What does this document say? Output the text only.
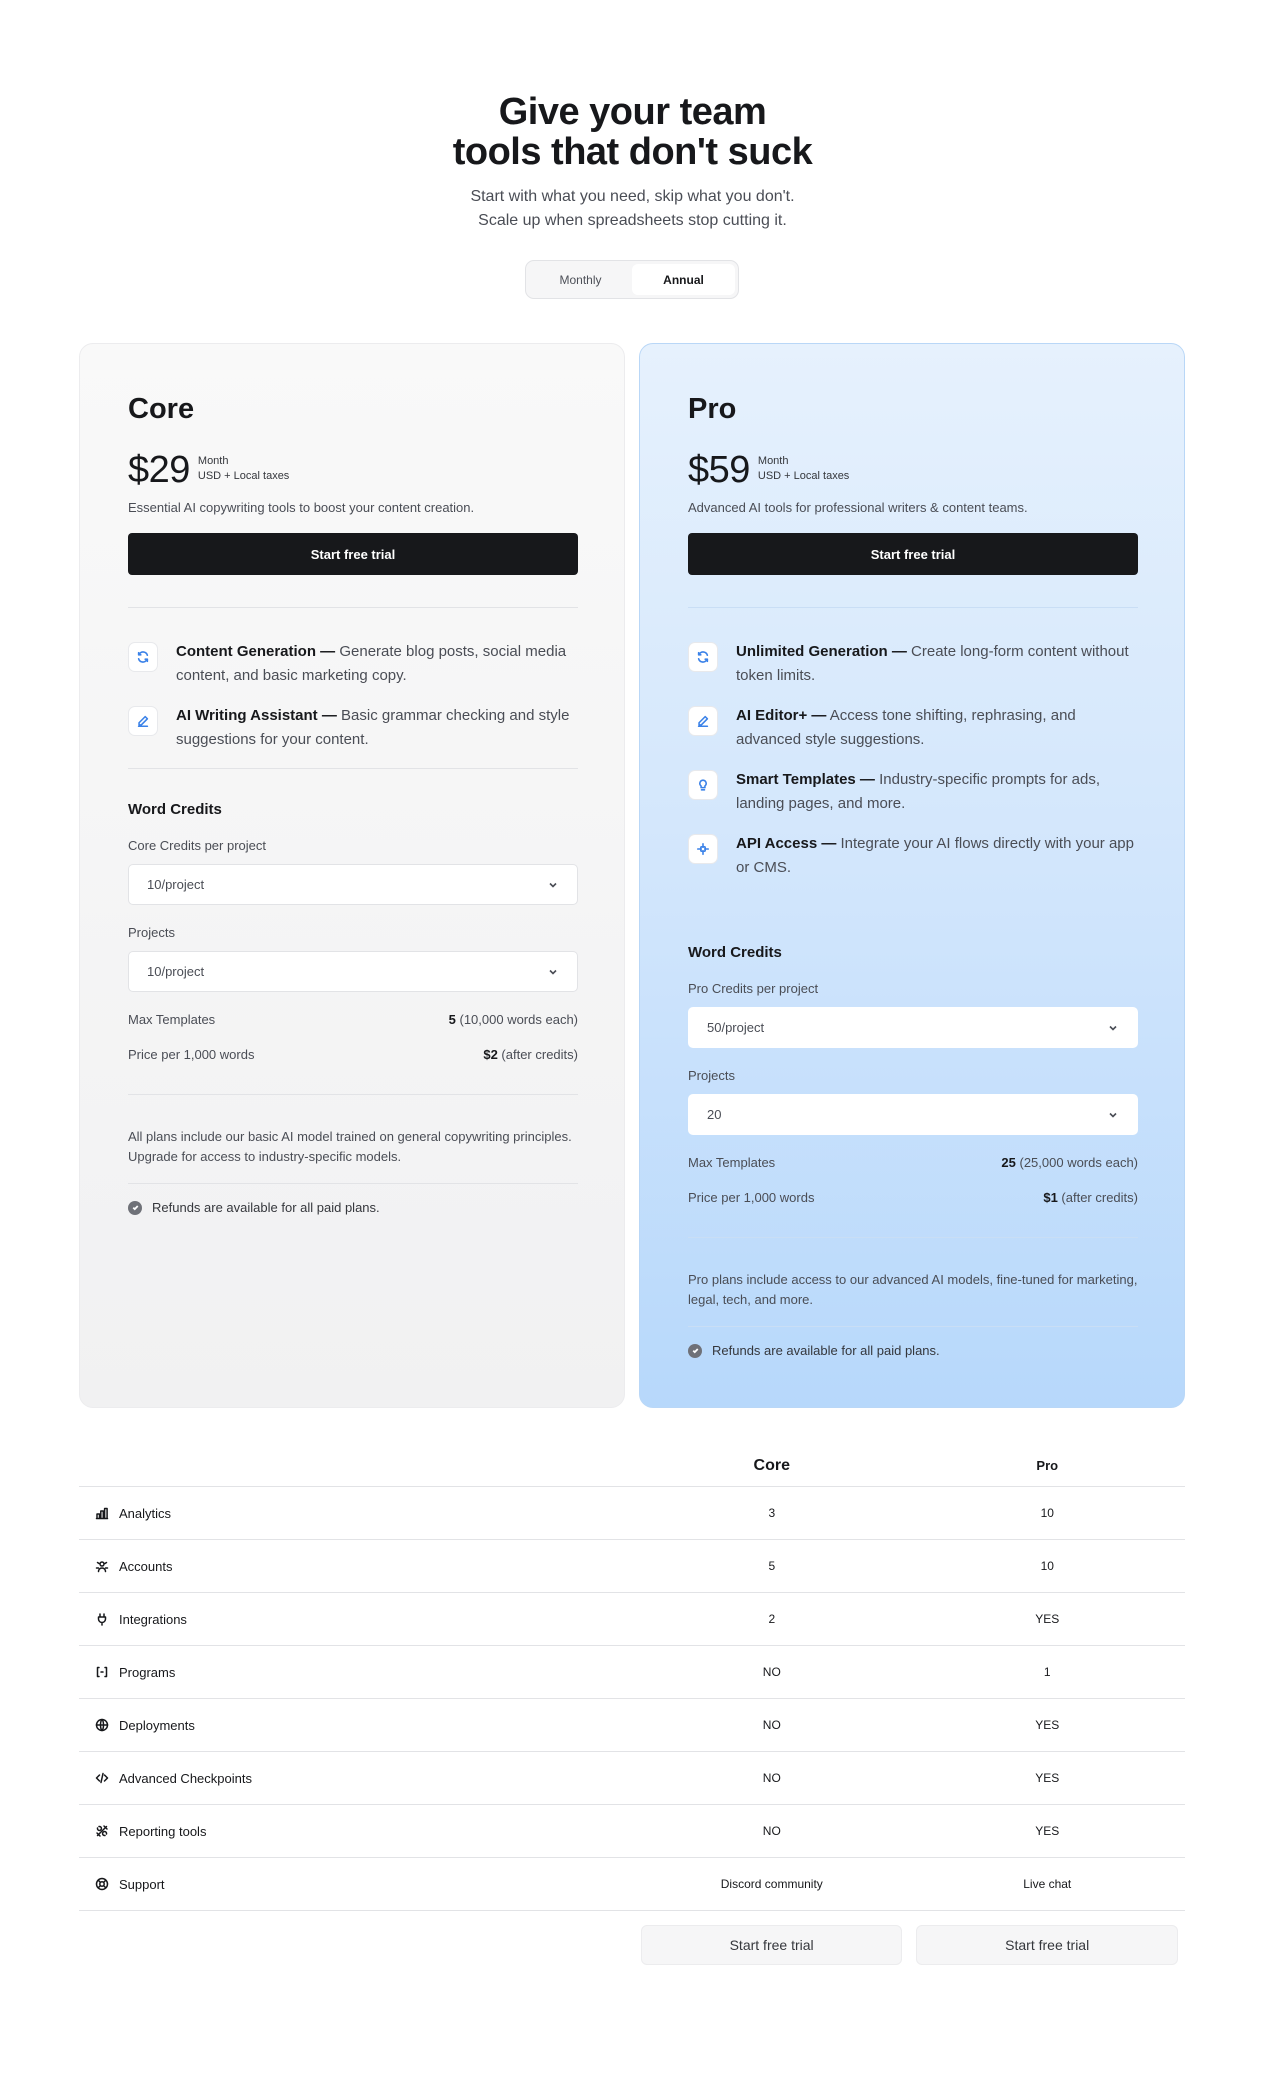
Give your team
tools that don't suck
Start with what you need, skip what you don't.
Scale up when spreadsheets stop cutting it.
Monthly	Annual
Core
$29 Month
USD + Local taxes
Essential AI copywriting tools to boost your content creation.
Start free trial
Content Generation — Generate blog posts, social media content, and basic marketing copy.
AI Writing Assistant — Basic grammar checking and style suggestions for your content.
Word Credits
Core Credits per project
10/project
Projects
10/project
Max Templates	5 (10,000 words each)
Price per 1,000 words	$2 (after credits)
All plans include our basic AI model trained on general copywriting principles. Upgrade for access to industry-specific models.
Refunds are available for all paid plans.
Pro
$59 Month
USD + Local taxes
Advanced AI tools for professional writers & content teams.
Start free trial
Unlimited Generation — Create long-form content without token limits.
AI Editor+ — Access tone shifting, rephrasing, and advanced style suggestions.
Smart Templates — Industry-specific prompts for ads, landing pages, and more.
API Access — Integrate your AI flows directly with your app or CMS.
Word Credits
Pro Credits per project
50/project
Projects
20
Max Templates	25 (25,000 words each)
Price per 1,000 words	$1 (after credits)
Pro plans include access to our advanced AI models, fine-tuned for marketing, legal, tech, and more.
Refunds are available for all paid plans.
Core	Pro
Analytics	3	10
Accounts	5	10
Integrations	2	YES
Programs	NO	1
Deployments	NO	YES
Advanced Checkpoints	NO	YES
Reporting tools	NO	YES
Support	Discord community	Live chat
Start free trial	Start free trial
